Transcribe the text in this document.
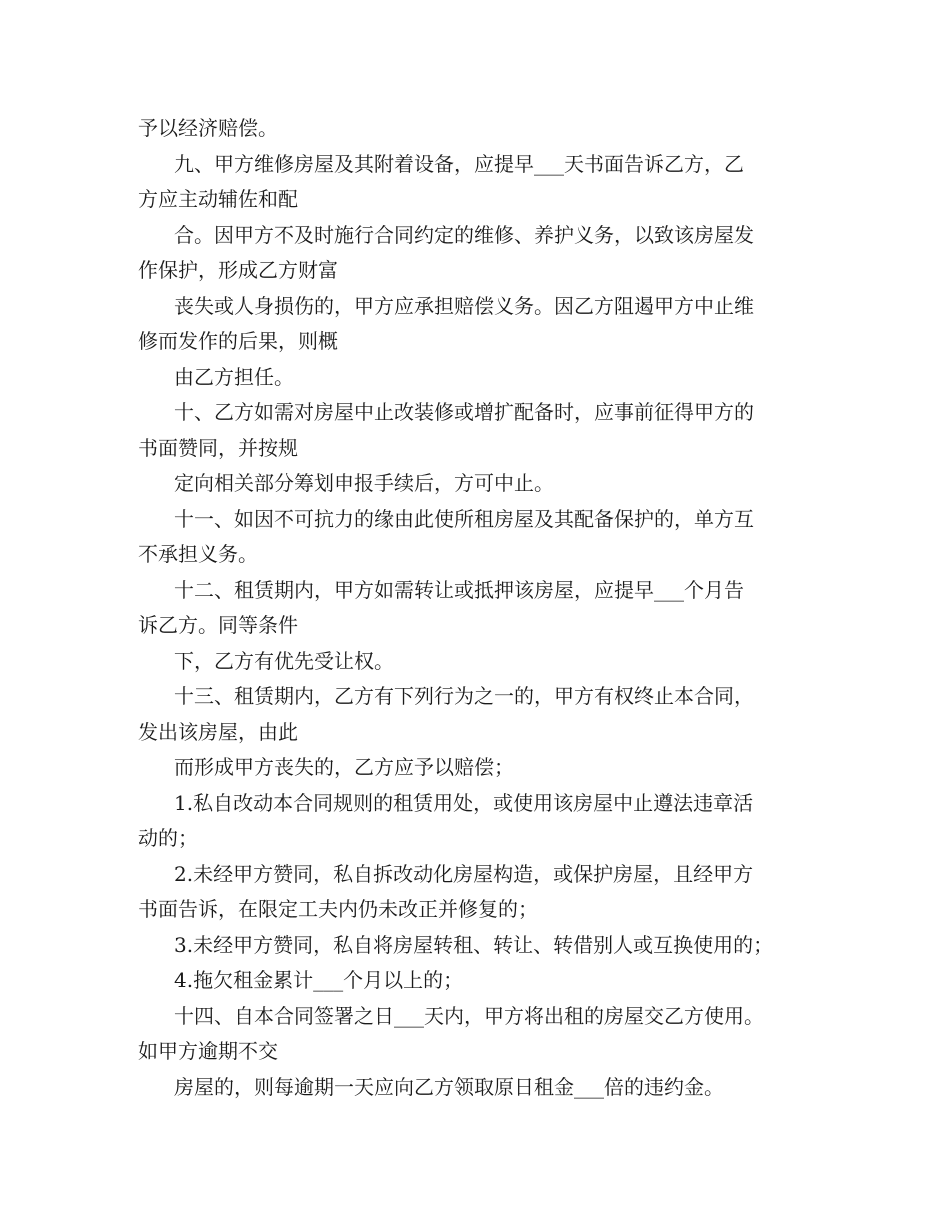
予以经济赔偿。

九、甲方维修房屋及其附着设备，应提早___天书面告诉乙方，乙

方应主动辅佐和配

合。因甲方不及时施行合同约定的维修、养护义务，以致该房屋发

作保护，形成乙方财富

丧失或人身损伤的，甲方应承担赔偿义务。因乙方阻遏甲方中止维

修而发作的后果，则概

由乙方担任。

十、乙方如需对房屋中止改装修或增扩配备时，应事前征得甲方的

书面赞同，并按规

定向相关部分筹划申报手续后，方可中止。

十一、如因不可抗力的缘由此使所租房屋及其配备保护的，单方互

不承担义务。

十二、租赁期内，甲方如需转让或抵押该房屋，应提早___个月告

诉乙方。同等条件

下，乙方有优先受让权。

十三、租赁期内，乙方有下列行为之一的，甲方有权终止本合同，

发出该房屋，由此

而形成甲方丧失的，乙方应予以赔偿；

1.私自改动本合同规则的租赁用处，或使用该房屋中止遵法违章活

动的；

2.未经甲方赞同，私自拆改动化房屋构造，或保护房屋，且经甲方

书面告诉，在限定工夫内仍未改正并修复的；

3.未经甲方赞同，私自将房屋转租、转让、转借别人或互换使用的；

4.拖欠租金累计___个月以上的；

十四、自本合同签署之日___天内，甲方将出租的房屋交乙方使用。

如甲方逾期不交

房屋的，则每逾期一天应向乙方领取原日租金___倍的违约金。
